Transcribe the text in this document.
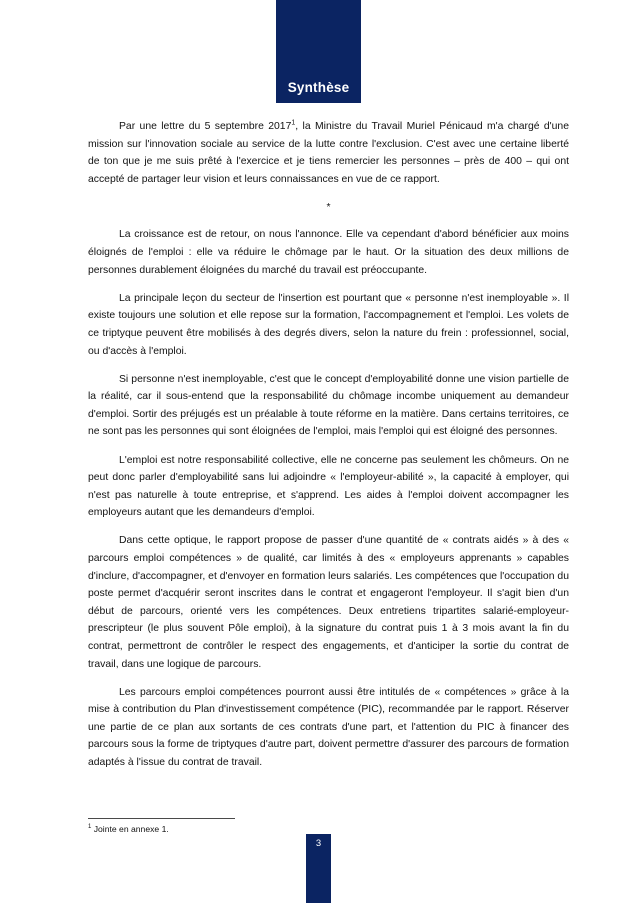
Synthèse

Par une lettre du 5 septembre 2017$^1$, la Ministre du Travail Muriel Pénicaud m'a chargé d'une mission sur l'innovation sociale au service de la lutte contre l'exclusion. C'est avec une certaine liberté de ton que je me suis prêté à l'exercice et je tiens remercier les personnes – près de 400 – qui ont accepté de partager leur vision et leurs connaissances en vue de ce rapport.

*

La croissance est de retour, on nous l'annonce. Elle va cependant d'abord bénéficier aux moins éloignés de l'emploi : elle va réduire le chômage par le haut. Or la situation des deux millions de personnes durablement éloignées du marché du travail est préoccupante.

La principale leçon du secteur de l'insertion est pourtant que « personne n'est inemployable ». Il existe toujours une solution et elle repose sur la formation, l'accompagnement et l'emploi. Les volets de ce triptyque peuvent être mobilisés à des degrés divers, selon la nature du frein : professionnel, social, ou d'accès à l'emploi.

Si personne n'est inemployable, c'est que le concept d'employabilité donne une vision partielle de la réalité, car il sous-entend que la responsabilité du chômage incombe uniquement au demandeur d'emploi. Sortir des préjugés est un préalable à toute réforme en la matière. Dans certains territoires, ce ne sont pas les personnes qui sont éloignées de l'emploi, mais l'emploi qui est éloigné des personnes.

L'emploi est notre responsabilité collective, elle ne concerne pas seulement les chômeurs. On ne peut donc parler d'employabilité sans lui adjoindre « l'employeur-abilité », la capacité à employer, qui n'est pas naturelle à toute entreprise, et s'apprend. Les aides à l'emploi doivent accompagner les employeurs autant que les demandeurs d'emploi.

Dans cette optique, le rapport propose de passer d'une quantité de « contrats aidés » à des « parcours emploi compétences » de qualité, car limités à des « employeurs apprenants » capables d'inclure, d'accompagner, et d'envoyer en formation leurs salariés. Les compétences que l'occupation du poste permet d'acquérir seront inscrites dans le contrat et engageront l'employeur. Il s'agit bien d'un début de parcours, orienté vers les compétences. Deux entretiens tripartites salarié-employeur-prescripteur (le plus souvent Pôle emploi), à la signature du contrat puis 1 à 3 mois avant la fin du contrat, permettront de contrôler le respect des engagements, et d'anticiper la sortie du contrat de travail, dans une logique de parcours.

Les parcours emploi compétences pourront aussi être intitulés de « compétences » grâce à la mise à contribution du Plan d'investissement compétence (PIC), recommandée par le rapport. Réserver une partie de ce plan aux sortants de ces contrats d'une part, et l'attention du PIC à financer des parcours sous la forme de triptyques d'autre part, doivent permettre d'assurer des parcours de formation adaptés à l'issue du contrat de travail.

$^1$ Jointe en annexe 1.

3
